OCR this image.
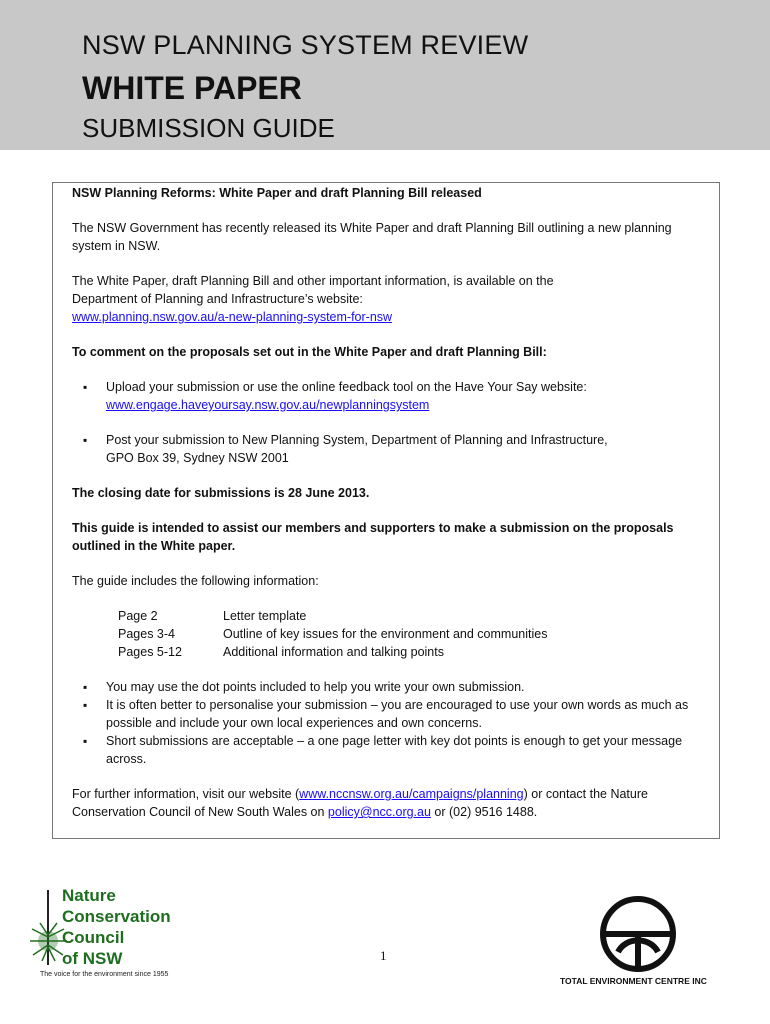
NSW PLANNING SYSTEM REVIEW
WHITE PAPER
SUBMISSION GUIDE

NSW Planning Reforms: White Paper and draft Planning Bill released

The NSW Government has recently released its White Paper and draft Planning Bill outlining a new planning system in NSW.

The White Paper, draft Planning Bill and other important information, is available on the
Department of Planning and Infrastructure’s website:
www.planning.nsw.gov.au/a-new-planning-system-for-nsw

To comment on the proposals set out in the White Paper and draft Planning Bill:

▪ Upload your submission or use the online feedback tool on the Have Your Say website:
www.engage.haveyoursay.nsw.gov.au/newplanningsystem
▪ Post your submission to New Planning System, Department of Planning and Infrastructure,
GPO Box 39, Sydney NSW 2001

The closing date for submissions is 28 June 2013.

This guide is intended to assist our members and supporters to make a submission on the proposals outlined in the White paper.

The guide includes the following information:

Page 2	Letter template
Pages 3-4	Outline of key issues for the environment and communities
Pages 5-12	Additional information and talking points
▪ You may use the dot points included to help you write your own submission.
▪ It is often better to personalise your submission – you are encouraged to use your own words as much as possible and include your own local experiences and own concerns.
▪ Short submissions are acceptable – a one page letter with key dot points is enough to get your message across.

For further information, visit our website (www.nccnsw.org.au/campaigns/planning) or contact the Nature Conservation Council of New South Wales on policy@ncc.org.au or (02) 9516 1488.

Nature
Conservation
Council
of NSW
The voice for the environment since 1955
1
TOTAL ENVIRONMENT CENTRE INC
